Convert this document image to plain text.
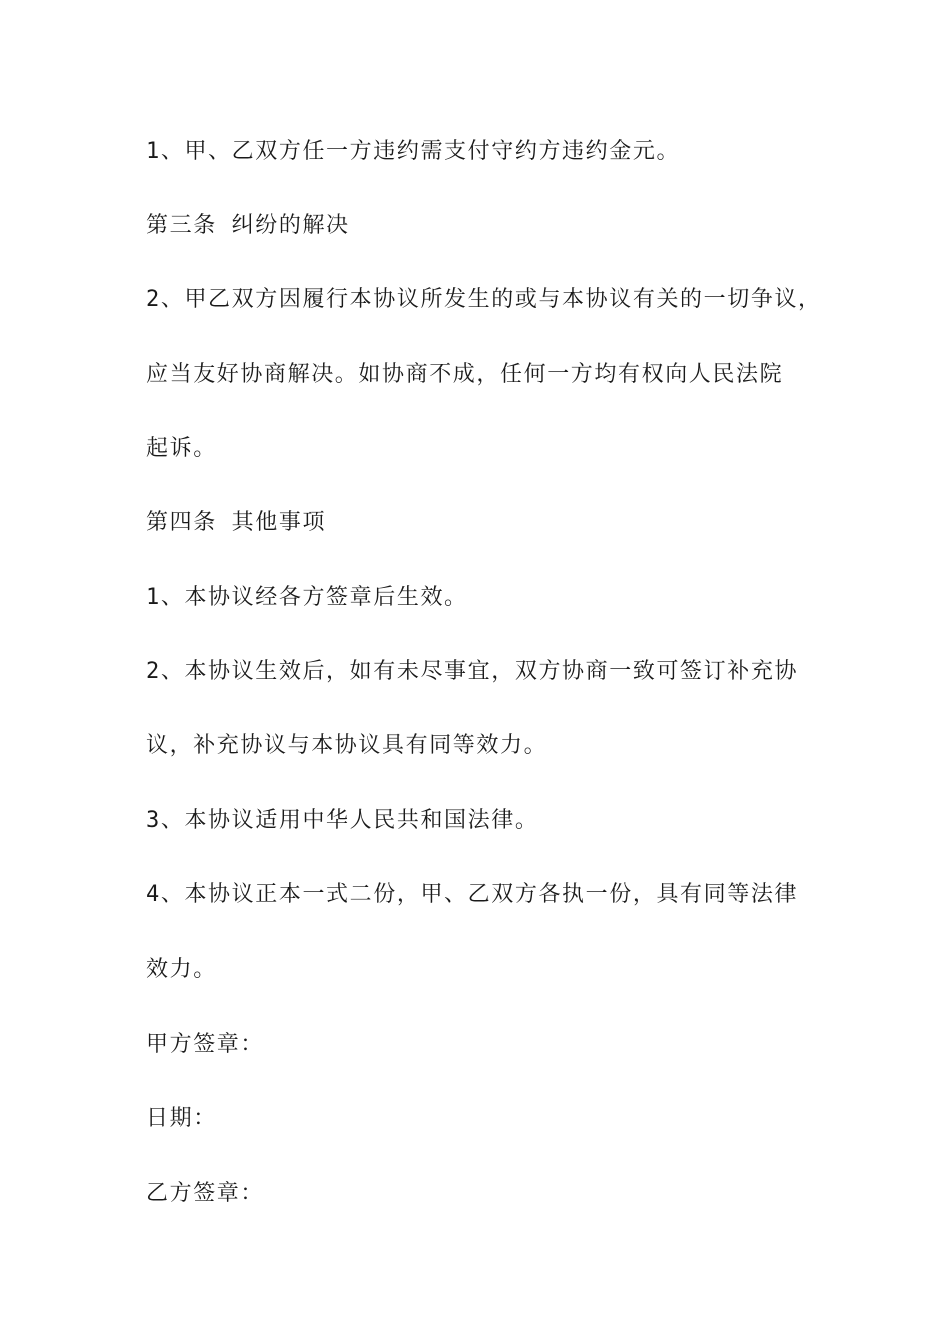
1、甲、乙双方任一方违约需支付守约方违约金元。

第三条 纠纷的解决

2、甲乙双方因履行本协议所发生的或与本协议有关的一切争议，

应当友好协商解决。如协商不成，任何一方均有权向人民法院

起诉。

第四条 其他事项

1、本协议经各方签章后生效。

2、本协议生效后，如有未尽事宜，双方协商一致可签订补充协

议，补充协议与本协议具有同等效力。

3、本协议适用中华人民共和国法律。

4、本协议正本一式二份，甲、乙双方各执一份，具有同等法律

效力。

甲方签章：

日期：

乙方签章：
